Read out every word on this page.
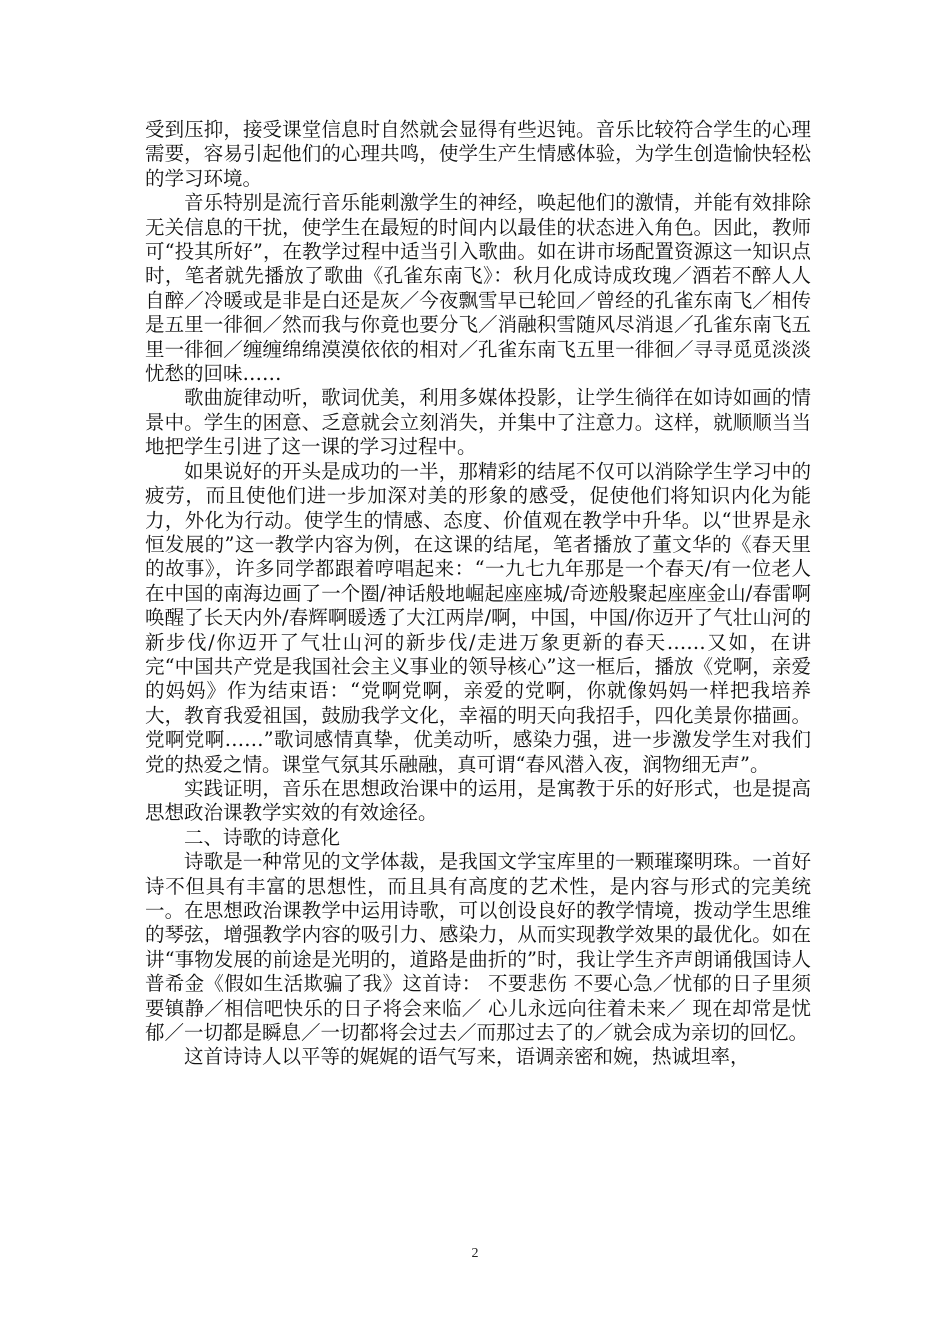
受到压抑，接受课堂信息时自然就会显得有些迟钝。音乐比较符合学生的心理需要，容易引起他们的心理共鸣，使学生产生情感体验，为学生创造愉快轻松的学习环境。

音乐特别是流行音乐能刺激学生的神经，唤起他们的激情，并能有效排除无关信息的干扰，使学生在最短的时间内以最佳的状态进入角色。因此，教师可“投其所好”，在教学过程中适当引入歌曲。如在讲市场配置资源这一知识点时，笔者就先播放了歌曲《孔雀东南飞》：秋月化成诗成玫瑰／酒若不醉人人自醉／冷暖或是非是白还是灰／今夜飘雪早已轮回／曾经的孔雀东南飞／相传是五里一徘徊／然而我与你竟也要分飞／消融积雪随风尽消退／孔雀东南飞五里一徘徊／缠缠绵绵漠漠依依的相对／孔雀东南飞五里一徘徊／寻寻觅觅淡淡忧愁的回味……

歌曲旋律动听，歌词优美，利用多媒体投影，让学生徜徉在如诗如画的情景中。学生的困意、乏意就会立刻消失，并集中了注意力。这样，就顺顺当当地把学生引进了这一课的学习过程中。

如果说好的开头是成功的一半，那精彩的结尾不仅可以消除学生学习中的疲劳，而且使他们进一步加深对美的形象的感受，促使他们将知识内化为能力，外化为行动。使学生的情感、态度、价值观在教学中升华。以“世界是永恒发展的”这一教学内容为例，在这课的结尾，笔者播放了董文华的《春天里的故事》，许多同学都跟着哼唱起来：“一九七九年那是一个春天/有一位老人在中国的南海边画了一个圈/神话般地崛起座座城/奇迹般聚起座座金山/春雷啊唤醒了长天内外/春辉啊暖透了大江两岸/啊，中国，中国/你迈开了气壮山河的新步伐/你迈开了气壮山河的新步伐/走进万象更新的春天……又如，在讲完“中国共产党是我国社会主义事业的领导核心”这一框后，播放《党啊，亲爱的妈妈》作为结束语：“党啊党啊，亲爱的党啊，你就像妈妈一样把我培养大，教育我爱祖国，鼓励我学文化，幸福的明天向我招手，四化美景你描画。党啊党啊……”歌词感情真挚，优美动听，感染力强，进一步激发学生对我们党的热爱之情。课堂气氛其乐融融，真可谓“春风潜入夜，润物细无声”。

实践证明，音乐在思想政治课中的运用，是寓教于乐的好形式，也是提高思想政治课教学实效的有效途径。

二、诗歌的诗意化

诗歌是一种常见的文学体裁，是我国文学宝库里的一颗璀璨明珠。一首好诗不但具有丰富的思想性，而且具有高度的艺术性，是内容与形式的完美统一。在思想政治课教学中运用诗歌，可以创设良好的教学情境，拨动学生思维的琴弦，增强教学内容的吸引力、感染力，从而实现教学效果的最优化。如在讲“事物发展的前途是光明的，道路是曲折的”时，我让学生齐声朗诵俄国诗人普希金《假如生活欺骗了我》这首诗： 不要悲伤 不要心急／忧郁的日子里须要镇静／相信吧快乐的日子将会来临／ 心儿永远向往着未来／ 现在却常是忧郁／一切都是瞬息／一切都将会过去／而那过去了的／就会成为亲切的回忆。

这首诗诗人以平等的娓娓的语气写来，语调亲密和婉，热诚坦率，

2
